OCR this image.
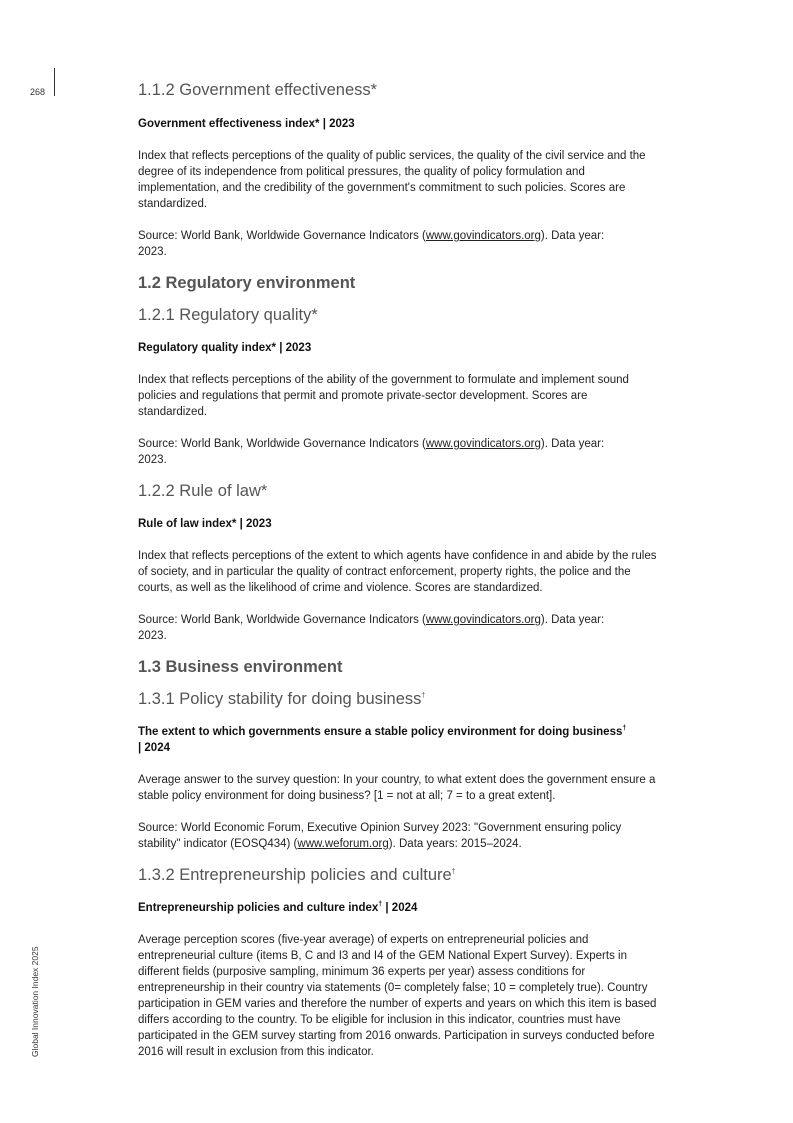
268
Global Innovation Index 2025
1.1.2 Government effectiveness*

Government effectiveness index* | 2023

Index that reflects perceptions of the quality of public services, the quality of the civil service and the degree of its independence from political pressures, the quality of policy formulation and implementation, and the credibility of the government's commitment to such policies. Scores are standardized.

Source: World Bank, Worldwide Governance Indicators (www.govindicators.org). Data year: 2023.

1.2 Regulatory environment
1.2.1 Regulatory quality*

Regulatory quality index* | 2023

Index that reflects perceptions of the ability of the government to formulate and implement sound policies and regulations that permit and promote private-sector development. Scores are standardized.

Source: World Bank, Worldwide Governance Indicators (www.govindicators.org). Data year: 2023.

1.2.2 Rule of law*

Rule of law index* | 2023

Index that reflects perceptions of the extent to which agents have confidence in and abide by the rules of society, and in particular the quality of contract enforcement, property rights, the police and the courts, as well as the likelihood of crime and violence. Scores are standardized.

Source: World Bank, Worldwide Governance Indicators (www.govindicators.org). Data year: 2023.

1.3 Business environment
1.3.1 Policy stability for doing business†

The extent to which governments ensure a stable policy environment for doing business†
| 2024

Average answer to the survey question: In your country, to what extent does the government ensure a stable policy environment for doing business? [1 = not at all; 7 = to a great extent].

Source: World Economic Forum, Executive Opinion Survey 2023: "Government ensuring policy stability" indicator (EOSQ434) (www.weforum.org). Data years: 2015–2024.

1.3.2 Entrepreneurship policies and culture†

Entrepreneurship policies and culture index† | 2024

Average perception scores (five-year average) of experts on entrepreneurial policies and entrepreneurial culture (items B, C and I3 and I4 of the GEM National Expert Survey). Experts in different fields (purposive sampling, minimum 36 experts per year) assess conditions for entrepreneurship in their country via statements (0= completely false; 10 = completely true). Country participation in GEM varies and therefore the number of experts and years on which this item is based differs according to the country. To be eligible for inclusion in this indicator, countries must have participated in the GEM survey starting from 2016 onwards. Participation in surveys conducted before 2016 will result in exclusion from this indicator.
